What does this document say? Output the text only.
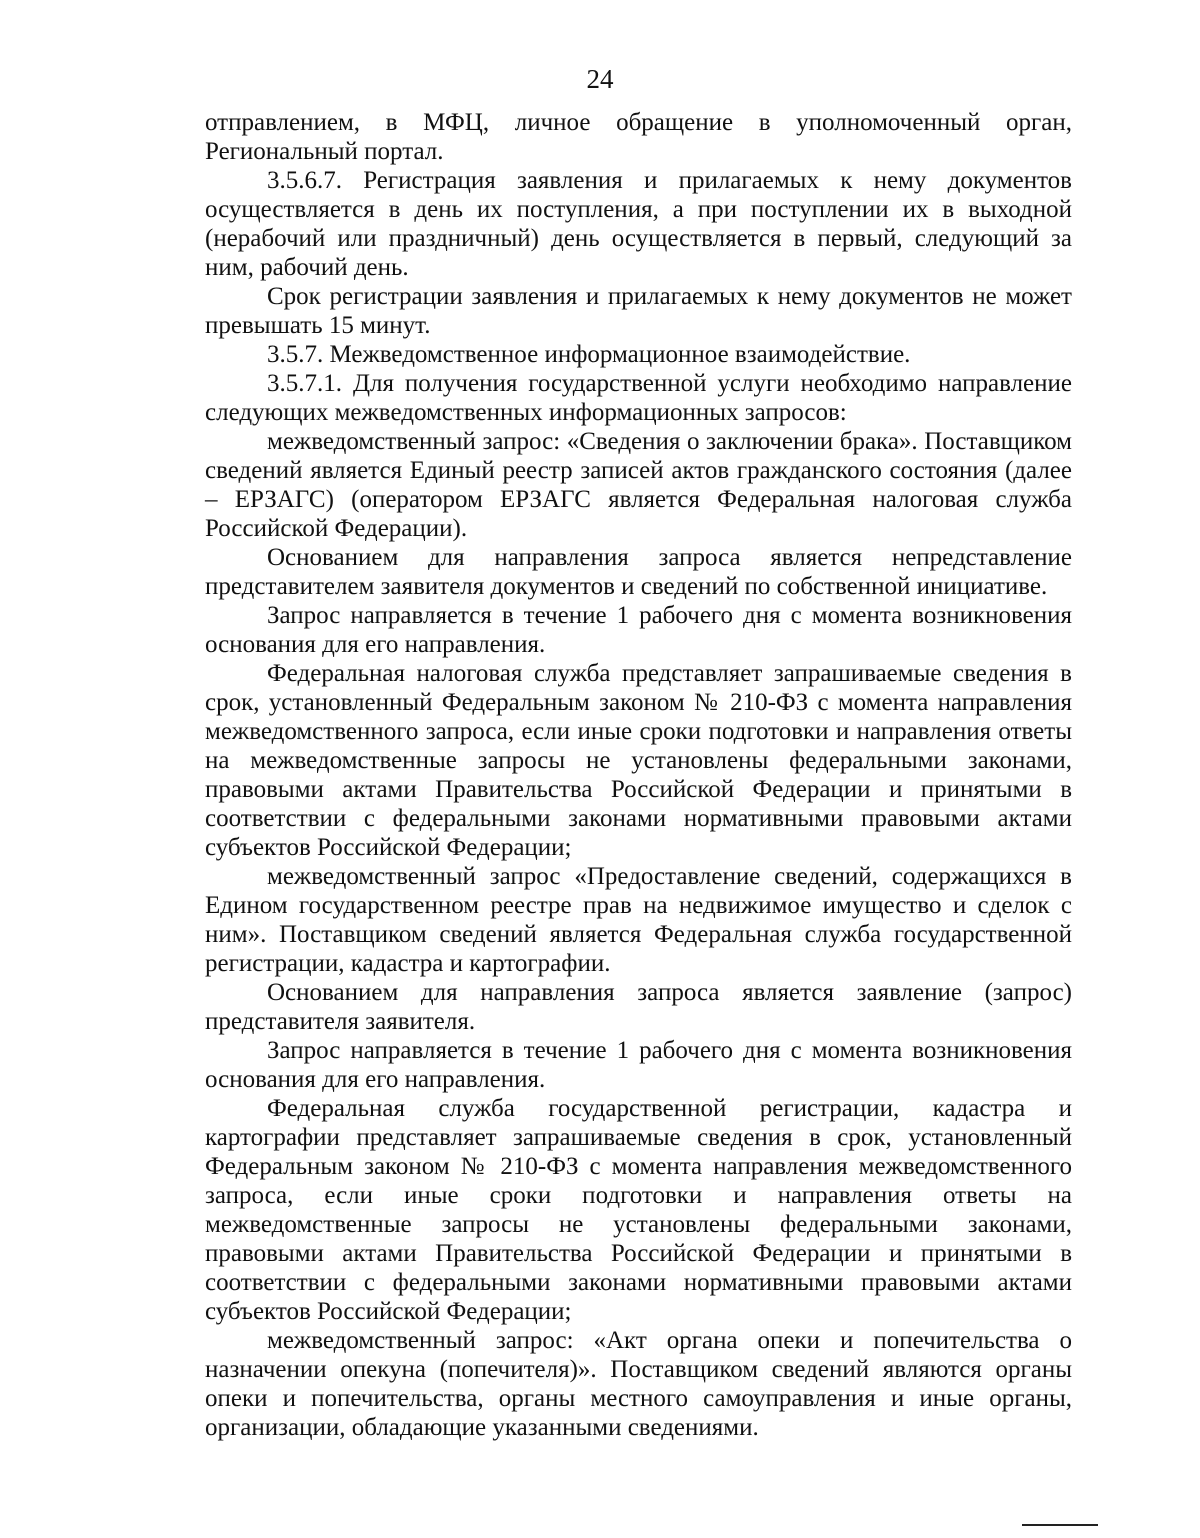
24

отправлением, в МФЦ, личное обращение в уполномоченный орган, Региональный портал.

3.5.6.7. Регистрация заявления и прилагаемых к нему документов осуществляется в день их поступления, а при поступлении их в выходной (нерабочий или праздничный) день осуществляется в первый, следующий за ним, рабочий день.

Срок регистрации заявления и прилагаемых к нему документов не может превышать 15 минут.

3.5.7. Межведомственное информационное взаимодействие.

3.5.7.1. Для получения государственной услуги необходимо направление следующих межведомственных информационных запросов:

межведомственный запрос: «Сведения о заключении брака». Поставщиком сведений является Единый реестр записей актов гражданского состояния (далее – ЕРЗАГС) (оператором ЕРЗАГС является Федеральная налоговая служба Российской Федерации).

Основанием для направления запроса является непредставление представителем заявителя документов и сведений по собственной инициативе.

Запрос направляется в течение 1 рабочего дня с момента возникновения основания для его направления.

Федеральная налоговая служба представляет запрашиваемые сведения в срок, установленный Федеральным законом № 210-ФЗ с момента направления межведомственного запроса, если иные сроки подготовки и направления ответы на межведомственные запросы не установлены федеральными законами, правовыми актами Правительства Российской Федерации и принятыми в соответствии с федеральными законами нормативными правовыми актами субъектов Российской Федерации;

межведомственный запрос «Предоставление сведений, содержащихся в Едином государственном реестре прав на недвижимое имущество и сделок с ним». Поставщиком сведений является Федеральная служба государственной регистрации, кадастра и картографии.

Основанием для направления запроса является заявление (запрос) представителя заявителя.

Запрос направляется в течение 1 рабочего дня с момента возникновения основания для его направления.

Федеральная служба государственной регистрации, кадастра и картографии представляет запрашиваемые сведения в срок, установленный Федеральным законом № 210-ФЗ с момента направления межведомственного запроса, если иные сроки подготовки и направления ответы на межведомственные запросы не установлены федеральными законами, правовыми актами Правительства Российской Федерации и принятыми в соответствии с федеральными законами нормативными правовыми актами субъектов Российской Федерации;

межведомственный запрос: «Акт органа опеки и попечительства о назначении опекуна (попечителя)». Поставщиком сведений являются органы опеки и попечительства, органы местного самоуправления и иные органы, организации, обладающие указанными сведениями.
